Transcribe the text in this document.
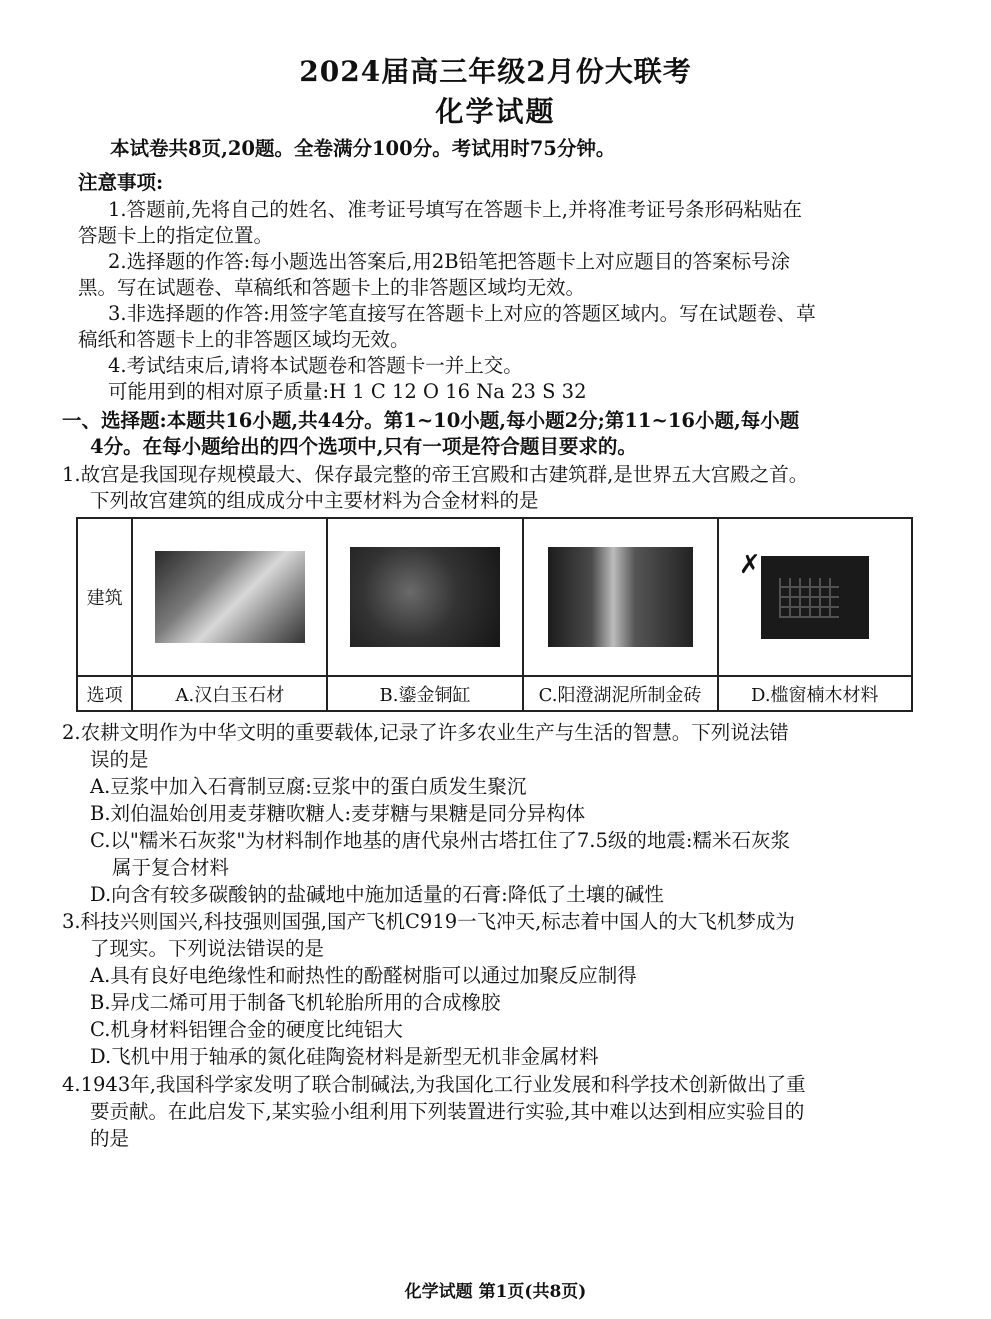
2024届高三年级2月份大联考
化学试题
本试卷共8页,20题。全卷满分100分。考试用时75分钟。
注意事项:
1.答题前,先将自己的姓名、准考证号填写在答题卡上,并将准考证号条形码粘贴在
答题卡上的指定位置。
2.选择题的作答:每小题选出答案后,用2B铅笔把答题卡上对应题目的答案标号涂
黑。写在试题卷、草稿纸和答题卡上的非答题区域均无效。
3.非选择题的作答:用签字笔直接写在答题卡上对应的答题区域内。写在试题卷、草
稿纸和答题卡上的非答题区域均无效。
4.考试结束后,请将本试题卷和答题卡一并上交。
可能用到的相对原子质量:H 1 C 12 O 16 Na 23 S 32
一、选择题:本题共16小题,共44分。第1~10小题,每小题2分;第11~16小题,每小题
4分。在每小题给出的四个选项中,只有一项是符合题目要求的。
1.故宫是我国现存规模最大、保存最完整的帝王宫殿和古建筑群,是世界五大宫殿之首。
下列故宫建筑的组成成分中主要材料为合金材料的是
建筑				✗

选项	A.汉白玉石材	B.鎏金铜缸	C.阳澄湖泥所制金砖	D.槛窗楠木材料
2.农耕文明作为中华文明的重要载体,记录了许多农业生产与生活的智慧。下列说法错
误的是
A.豆浆中加入石膏制豆腐:豆浆中的蛋白质发生聚沉
B.刘伯温始创用麦芽糖吹糖人:麦芽糖与果糖是同分异构体
C.以"糯米石灰浆"为材料制作地基的唐代泉州古塔扛住了7.5级的地震:糯米石灰浆
属于复合材料
D.向含有较多碳酸钠的盐碱地中施加适量的石膏:降低了土壤的碱性
3.科技兴则国兴,科技强则国强,国产飞机C919一飞冲天,标志着中国人的大飞机梦成为
了现实。下列说法错误的是
A.具有良好电绝缘性和耐热性的酚醛树脂可以通过加聚反应制得
B.异戊二烯可用于制备飞机轮胎所用的合成橡胶
C.机身材料铝锂合金的硬度比纯铝大
D.飞机中用于轴承的氮化硅陶瓷材料是新型无机非金属材料
4.1943年,我国科学家发明了联合制碱法,为我国化工行业发展和科学技术创新做出了重
要贡献。在此启发下,某实验小组利用下列装置进行实验,其中难以达到相应实验目的
的是
化学试题 第1页(共8页)
